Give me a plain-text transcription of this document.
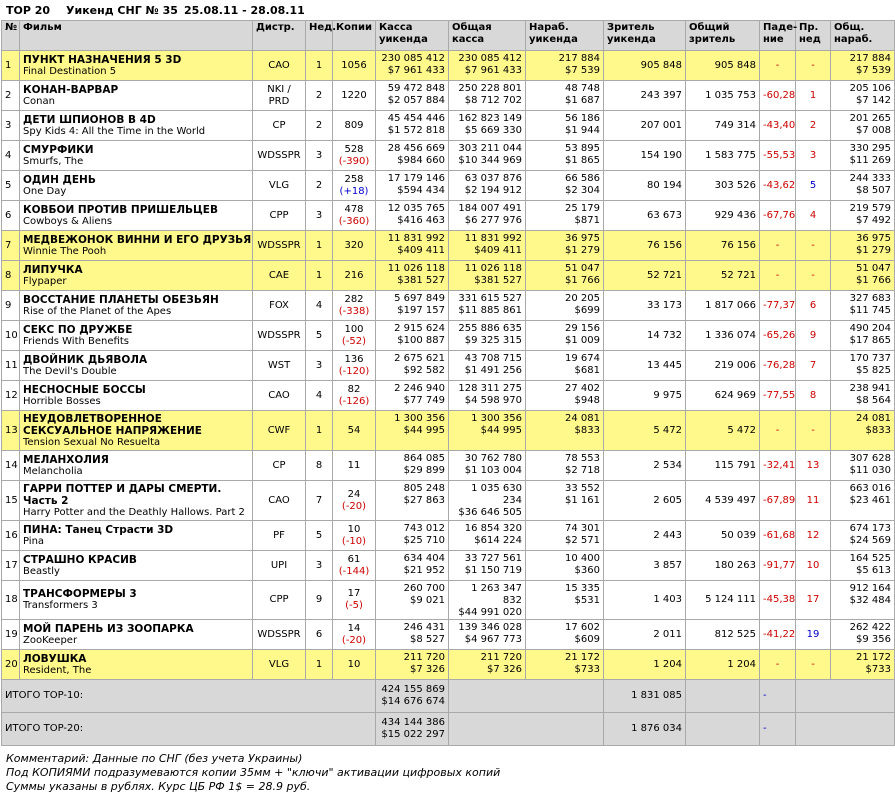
TOP 20 Уикенд СНГ № 35 25.08.11 - 28.08.11
№	Фильм	Дистр.	Нед.	Копии	Касса уикенда	Общая касса	Нараб. уикенда	Зритель уикенда	Общий зритель	Паде- ние	Пр. нед	Общ. нараб.
1	ПУНКТ НАЗНАЧЕНИЯ 5 3D
Final Destination 5	CAO	1	1056	230 085 412
$7 961 433	230 085 412
$7 961 433	217 884
$7 539	905 848	905 848	-	-	217 884
$7 539

2	КОНАН-ВАРВАР
Conan	NKI / PRD	2	1220	59 472 848
$2 057 884	250 228 801
$8 712 702	48 748
$1 687	243 397	1 035 753	-60,28	1	205 106
$7 142

3	ДЕТИ ШПИОНОВ В 4D
Spy Kids 4: All the Time in the World	CP	2	809	45 454 446
$1 572 818	162 823 149
$5 669 330	56 186
$1 944	207 001	749 314	-43,40	2	201 265
$7 008

4	СМУРФИКИ
Smurfs, The	WDSSPR	3	528
(-390)	28 456 669
$984 660	303 211 044
$10 344 969	53 895
$1 865	154 190	1 583 775	-55,53	3	330 295
$11 269

5	ОДИН ДЕНЬ
One Day	VLG	2	258
(+18)	17 179 146
$594 434	63 037 876
$2 194 912	66 586
$2 304	80 194	303 526	-43,62	5	244 333
$8 507

6	КОВБОИ ПРОТИВ ПРИШЕЛЬЦЕВ
Cowboys & Aliens	CPP	3	478
(-360)	12 035 765
$416 463	184 007 491
$6 277 976	25 179
$871	63 673	929 436	-67,76	4	219 579
$7 492

7	МЕДВЕЖОНОК ВИННИ И ЕГО ДРУЗЬЯ
Winnie The Pooh	WDSSPR	1	320	11 831 992
$409 411	11 831 992
$409 411	36 975
$1 279	76 156	76 156	-	-	36 975
$1 279

8	ЛИПУЧКА
Flypaper	CAE	1	216	11 026 118
$381 527	11 026 118
$381 527	51 047
$1 766	52 721	52 721	-	-	51 047
$1 766

9	ВОССТАНИЕ ПЛАНЕТЫ ОБЕЗЬЯН
Rise of the Planet of the Apes	FOX	4	282
(-338)	5 697 849
$197 157	331 615 527
$11 885 861	20 205
$699	33 173	1 817 066	-77,37	6	327 683
$11 745

10	СЕКС ПО ДРУЖБЕ
Friends With Benefits	WDSSPR	5	100
(-52)	2 915 624
$100 887	255 886 635
$9 325 315	29 156
$1 009	14 732	1 336 074	-65,26	9	490 204
$17 865

11	ДВОЙНИК ДЬЯВОЛА
The Devil's Double	WST	3	136
(-120)	2 675 621
$92 582	43 708 715
$1 491 256	19 674
$681	13 445	219 006	-76,28	7	170 737
$5 825

12	НЕСНОСНЫЕ БОССЫ
Horrible Bosses	CAO	4	82
(-126)	2 246 940
$77 749	128 311 275
$4 598 970	27 402
$948	9 975	624 969	-77,55	8	238 941
$8 564

13	НЕУДОВЛЕТВОРЕННОЕ СЕКСУАЛЬНОЕ НАПРЯЖЕНИЕ
Tension Sexual No Resuelta	CWF	1	54	1 300 356
$44 995	1 300 356
$44 995	24 081
$833	5 472	5 472	-	-	24 081
$833

14	МЕЛАНХОЛИЯ
Melancholia	CP	8	11	864 085
$29 899	30 762 780
$1 103 004	78 553
$2 718	2 534	115 791	-32,41	13	307 628
$11 030

15	ГАРРИ ПОТТЕР И ДАРЫ СМЕРТИ. Часть 2
Harry Potter and the Deathly Hallows. Part 2	CAO	7	24
(-20)	805 248
$27 863	1 035 630 234
$36 646 505	33 552
$1 161	2 605	4 539 497	-67,89	11	663 016
$23 461

16	ПИНА: Танец Страсти 3D
Pina	PF	5	10
(-10)	743 012
$25 710	16 854 320
$614 224	74 301
$2 571	2 443	50 039	-61,68	12	674 173
$24 569

17	СТРАШНО КРАСИВ
Beastly	UPI	3	61
(-144)	634 404
$21 952	33 727 561
$1 150 719	10 400
$360	3 857	180 263	-91,77	10	164 525
$5 613

18	ТРАНСФОРМЕРЫ 3
Transformers 3	CPP	9	17
(-5)	260 700
$9 021	1 263 347 832
$44 991 020	15 335
$531	1 403	5 124 111	-45,38	17	912 164
$32 484

19	МОЙ ПАРЕНЬ ИЗ ЗООПАРКА
ZooKeeper	WDSSPR	6	14
(-20)	246 431
$8 527	139 346 028
$4 967 773	17 602
$609	2 011	812 525	-41,22	19	262 422
$9 356

20	ЛОВУШКА
Resident, The	VLG	1	10	211 720
$7 326	211 720
$7 326	21 172
$733	1 204	1 204	-	-	21 172
$733

ИТОГО TOP-10:					424 155 869
$14 676 674			1 831 085		-		
ИТОГО TOP-20:					434 144 386
$15 022 297			1 876 034		-		
Комментарий: Данные по СНГ (без учета Украины)
Под КОПИЯМИ подразумеваются копии 35мм + "ключи" активации цифровых копий
Суммы указаны в рублях. Курс ЦБ РФ 1$ = 28.9 руб.
